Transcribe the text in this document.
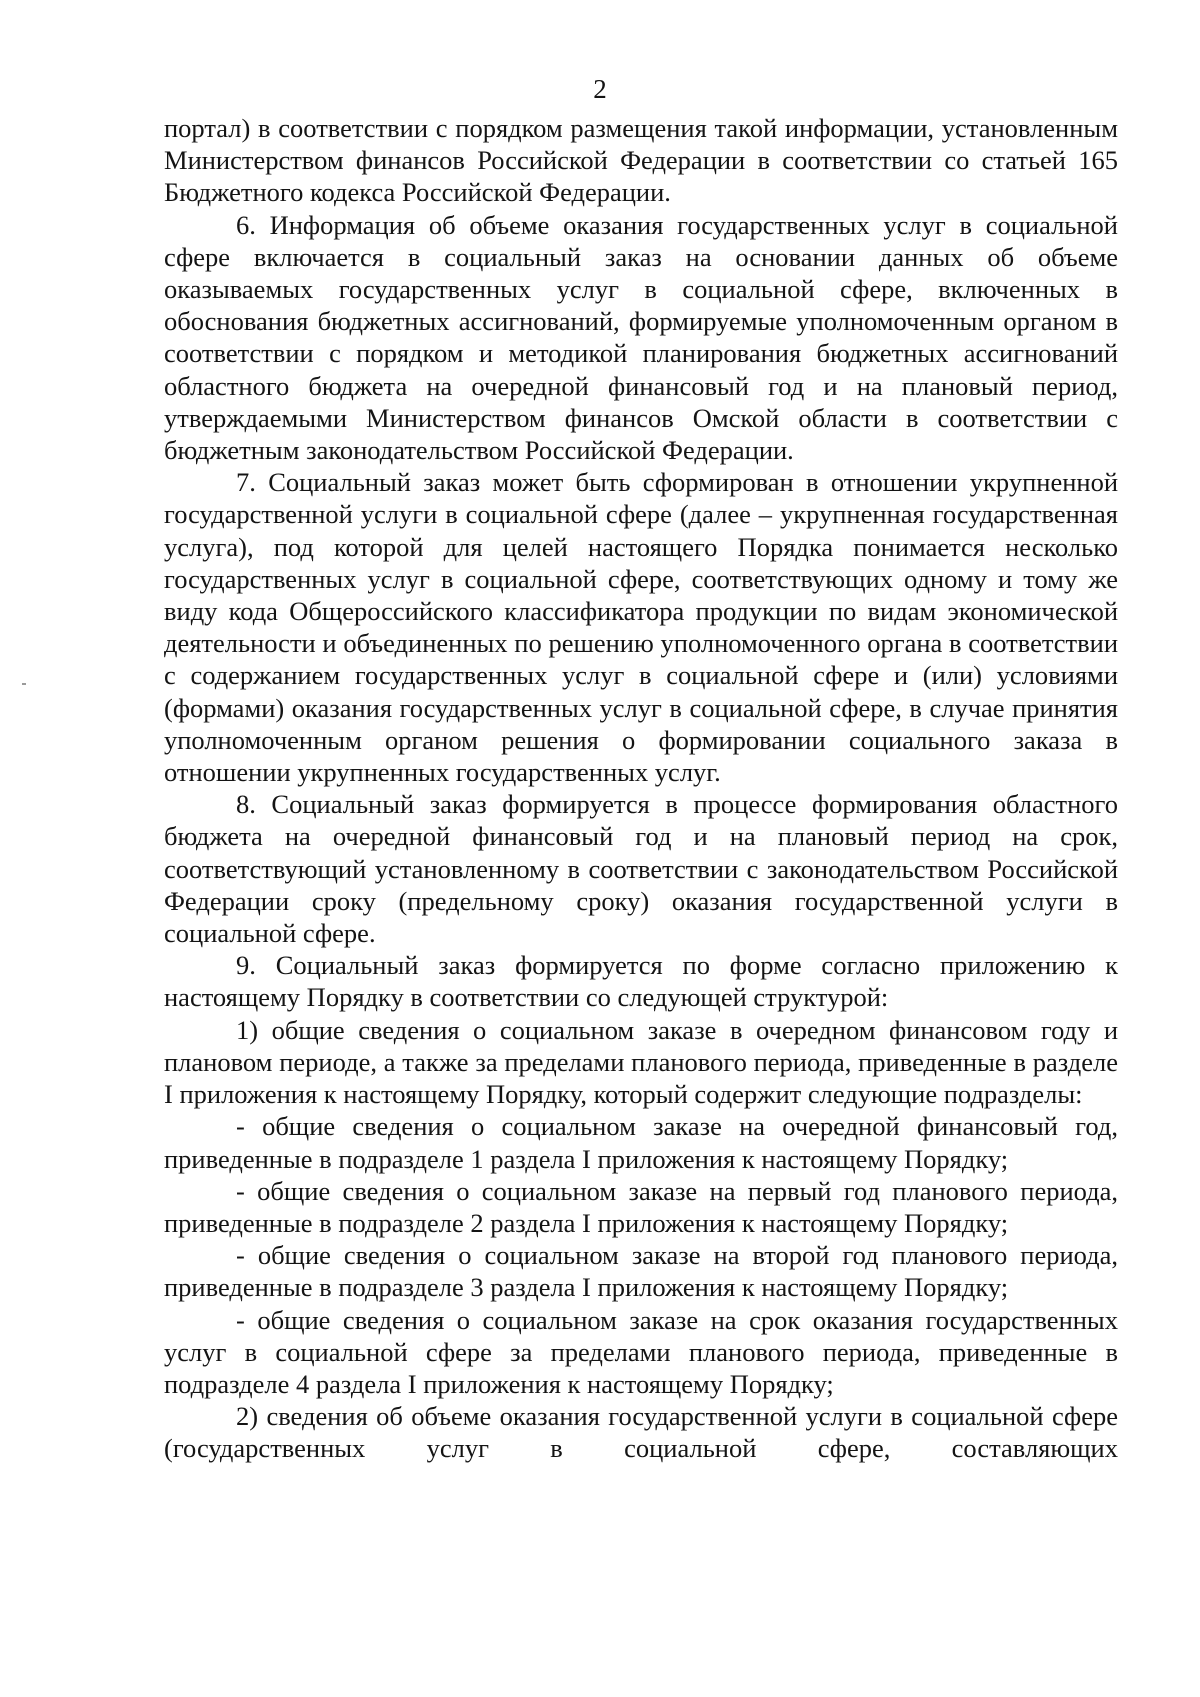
2

портал) в соответствии с порядком размещения такой информации, установленным Министерством финансов Российской Федерации в соответствии со статьей 165 Бюджетного кодекса Российской Федерации.

6. Информация об объеме оказания государственных услуг в социальной сфере включается в социальный заказ на основании данных об объеме оказываемых государственных услуг в социальной сфере, включенных в обоснования бюджетных ассигнований, формируемые уполномоченным органом в соответствии с порядком и методикой планирования бюджетных ассигнований областного бюджета на очередной финансовый год и на плановый период, утверждаемыми Министерством финансов Омской области в соответствии с бюджетным законодательством Российской Федерации.

7. Социальный заказ может быть сформирован в отношении укрупненной государственной услуги в социальной сфере (далее – укрупненная государственная услуга), под которой для целей настоящего Порядка понимается несколько государственных услуг в социальной сфере, соответствующих одному и тому же виду кода Общероссийского классификатора продукции по видам экономической деятельности и объединенных по решению уполномоченного органа в соответствии с содержанием государственных услуг в социальной сфере и (или) условиями (формами) оказания государственных услуг в социальной сфере, в случае принятия уполномоченным органом решения о формировании социального заказа в отношении укрупненных государственных услуг.

8. Социальный заказ формируется в процессе формирования областного бюджета на очередной финансовый год и на плановый период на срок, соответствующий установленному в соответствии с законодательством Российской Федерации сроку (предельному сроку) оказания государственной услуги в социальной сфере.

9. Социальный заказ формируется по форме согласно приложению к настоящему Порядку в соответствии со следующей структурой:

1) общие сведения о социальном заказе в очередном финансовом году и плановом периоде, а также за пределами планового периода, приведенные в разделе I приложения к настоящему Порядку, который содержит следующие подразделы:

- общие сведения о социальном заказе на очередной финансовый год, приведенные в подразделе 1 раздела I приложения к настоящему Порядку;

- общие сведения о социальном заказе на первый год планового периода, приведенные в подразделе 2 раздела I приложения к настоящему Порядку;

- общие сведения о социальном заказе на второй год планового периода, приведенные в подразделе 3 раздела I приложения к настоящему Порядку;

- общие сведения о социальном заказе на срок оказания государственных услуг в социальной сфере за пределами планового периода, приведенные в подразделе 4 раздела I приложения к настоящему Порядку;

2) сведения об объеме оказания государственной услуги в социальной сфере (государственных услуг в социальной сфере, составляющих
